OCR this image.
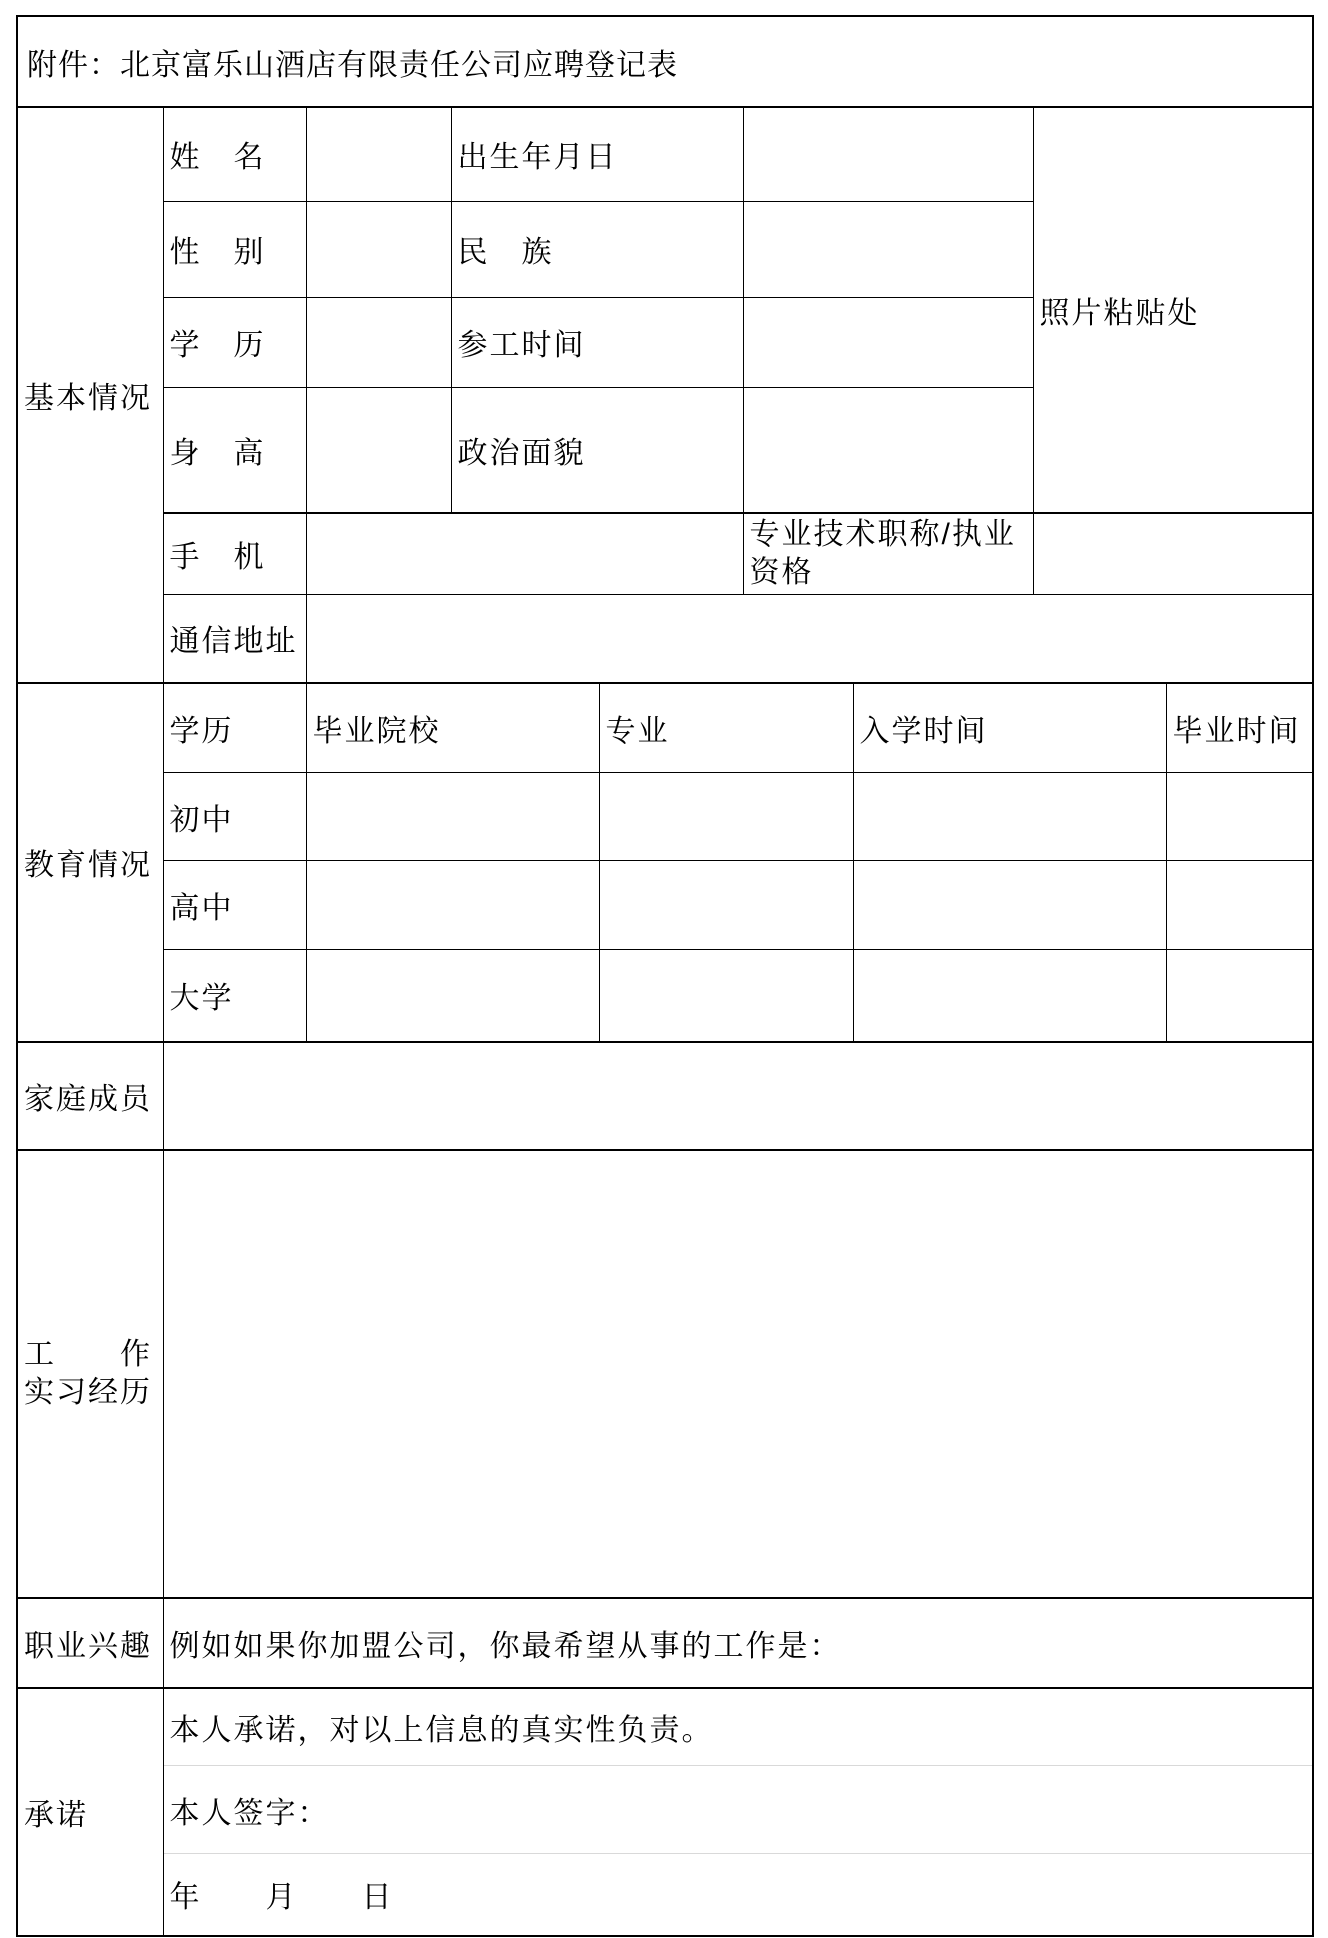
附件：北京富乐山酒店有限责任公司应聘登记表								
基本情况	姓　名		出生年月日				照片粘贴处	
	性　别		民　族					
	学　历		参工时间					
	身　高		政治面貌					
	手　机				专业技术职称/执业
资格			

	通信地址							
教育情况	学历	毕业院校		专业		入学时间		毕业时间
	初中							
	高中							
	大学							
家庭成员								

工　　作
实习经历								

职业兴趣	例如如果你加盟公司，你最希望从事的工作是：							
承诺	本人承诺，对以上信息的真实性负责。							
	本人签字：							
	年　　月　　日							
